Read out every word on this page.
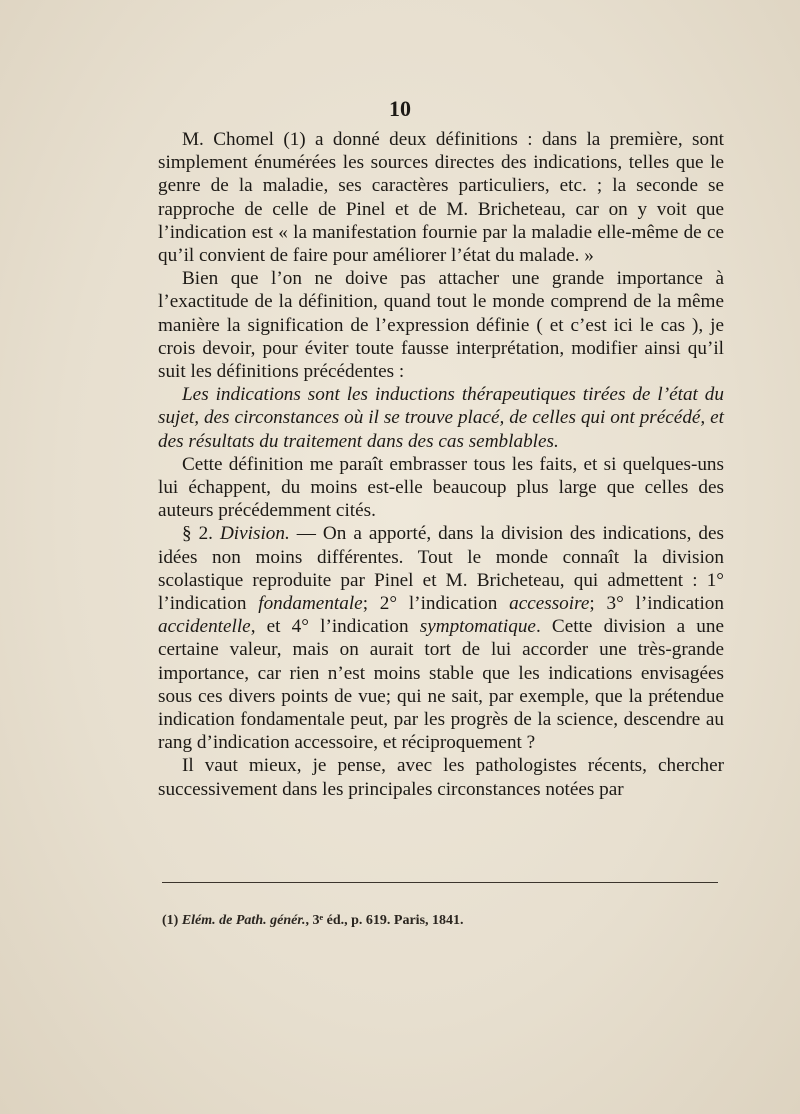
10

M. Chomel (1) a donné deux définitions : dans la première, sont simplement énumérées les sources directes des indications, telles que le genre de la maladie, ses caractères particuliers, etc. ; la seconde se rapproche de celle de Pinel et de M. Bricheteau, car on y voit que l’indication est « la manifestation fournie par la maladie elle-même de ce qu’il convient de faire pour améliorer l’état du malade. »

Bien que l’on ne doive pas attacher une grande importance à l’exactitude de la définition, quand tout le monde comprend de la même manière la signification de l’expression définie ( et c’est ici le cas ), je crois devoir, pour éviter toute fausse interprétation, modifier ainsi qu’il suit les définitions précédentes :

Les indications sont les inductions thérapeutiques tirées de l’état du sujet, des circonstances où il se trouve placé, de celles qui ont précédé, et des résultats du traitement dans des cas semblables.

Cette définition me paraît embrasser tous les faits, et si quelques-uns lui échappent, du moins est-elle beaucoup plus large que celles des auteurs précédemment cités.

§ 2. Division. — On a apporté, dans la division des indications, des idées non moins différentes. Tout le monde connaît la division scolastique reproduite par Pinel et M. Bricheteau, qui admettent : 1° l’indication fondamentale; 2° l’indication accessoire; 3° l’indication accidentelle, et 4° l’indication symptomatique. Cette division a une certaine valeur, mais on aurait tort de lui accorder une très-grande importance, car rien n’est moins stable que les indications envisagées sous ces divers points de vue; qui ne sait, par exemple, que la prétendue indication fondamentale peut, par les progrès de la science, descendre au rang d’indication accessoire, et réciproquement ?

Il vaut mieux, je pense, avec les pathologistes récents, chercher successivement dans les principales circonstances notées par

(1) Elém. de Path. génér., 3ᵉ éd., p. 619. Paris, 1841.
